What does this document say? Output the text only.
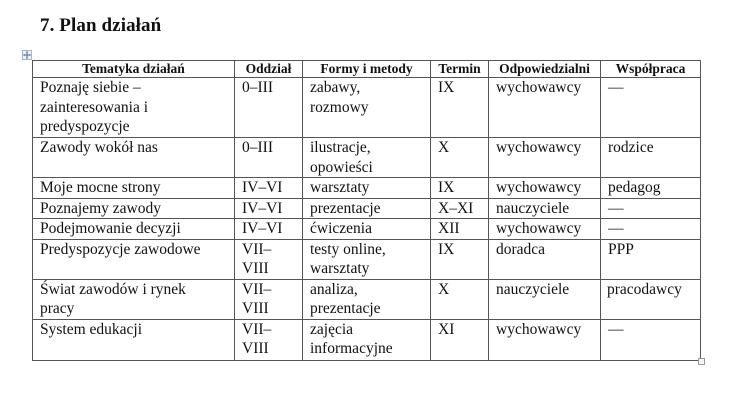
7. Plan działań
Tematyka działań	Oddział	Formy i metody	Termin	Odpowiedzialni	Współpraca
Poznaję siebie – zainteresowania i predyspozycje	0–III	zabawy, rozmowy	IX	wychowawcy	—
Zawody wokół nas	0–III	ilustracje, opowieści	X	wychowawcy	rodzice
Moje mocne strony	IV–VI	warsztaty	IX	wychowawcy	pedagog
Poznajemy zawody	IV–VI	prezentacje	X–XI	nauczyciele	—
Podejmowanie decyzji	IV–VI	ćwiczenia	XII	wychowawcy	—
Predyspozycje zawodowe	VII–VIII	testy online, warsztaty	IX	doradca	PPP
Świat zawodów i rynek pracy	VII–VIII	analiza, prezentacje	X	nauczyciele	pracodawcy
System edukacji	VII–VIII	zajęcia informacyjne	XI	wychowawcy	—
